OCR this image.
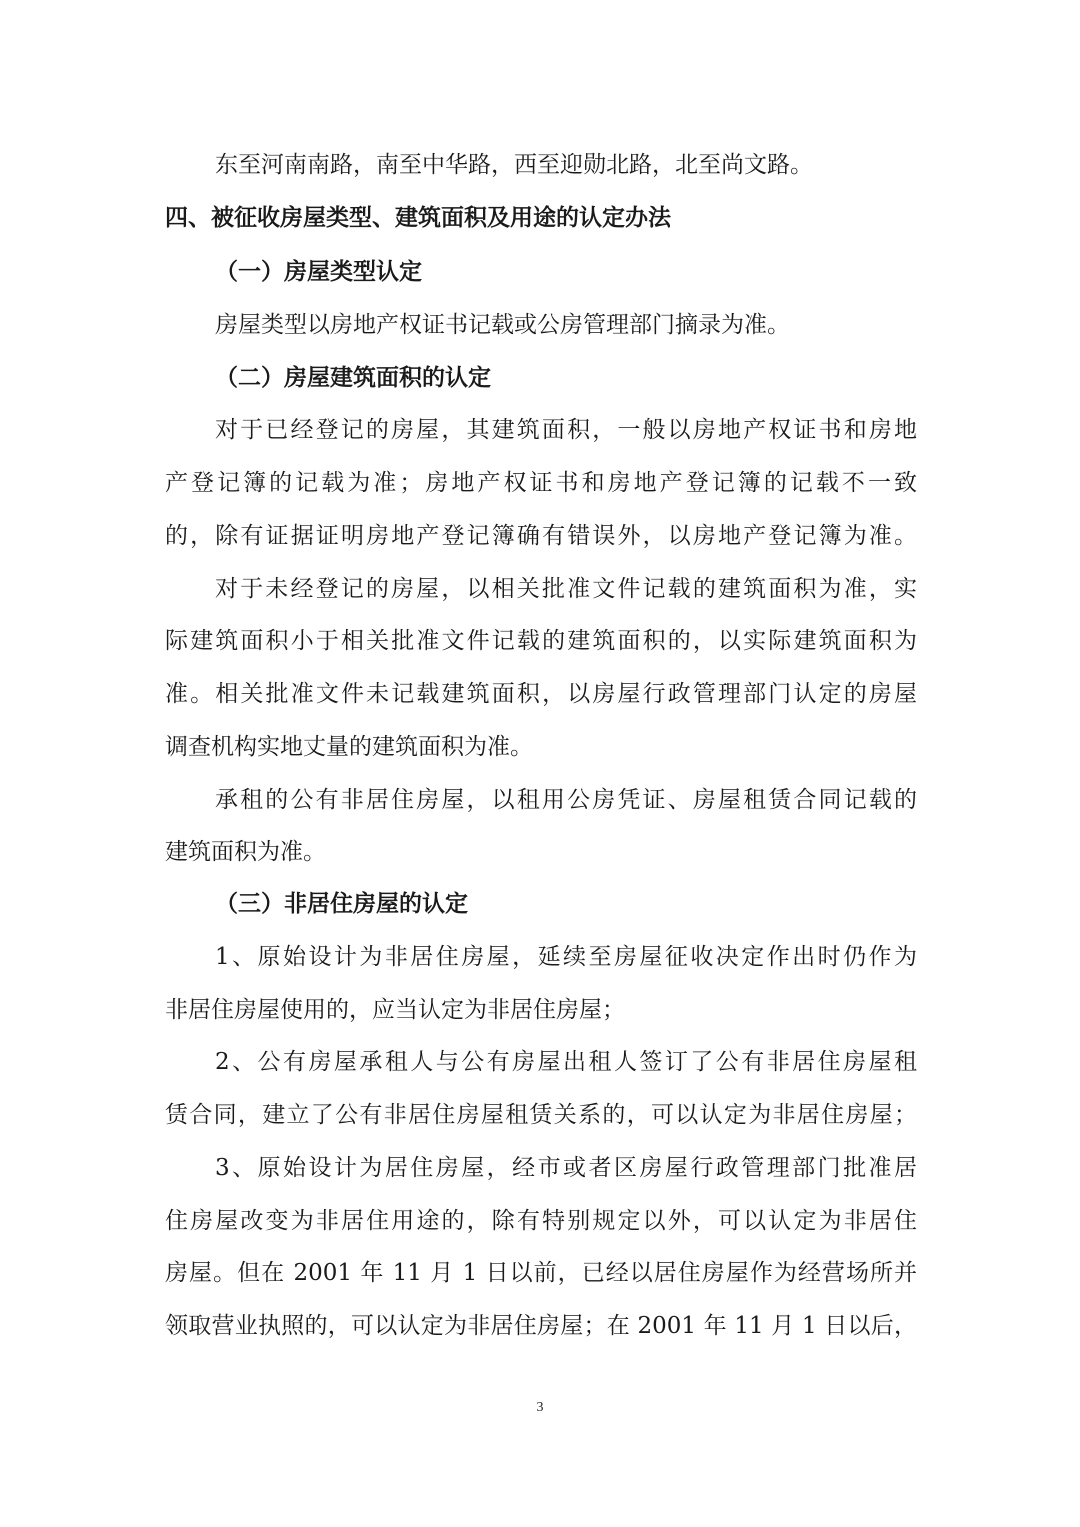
东至河南南路，南至中华路，西至迎勋北路，北至尚文路。
四、被征收房屋类型、建筑面积及用途的认定办法
（一）房屋类型认定
房屋类型以房地产权证书记载或公房管理部门摘录为准。
（二）房屋建筑面积的认定
对于已经登记的房屋，其建筑面积，一般以房地产权证书和房地
产登记簿的记载为准；房地产权证书和房地产登记簿的记载不一致
的，除有证据证明房地产登记簿确有错误外，以房地产登记簿为准。
对于未经登记的房屋，以相关批准文件记载的建筑面积为准，实
际建筑面积小于相关批准文件记载的建筑面积的，以实际建筑面积为
准。相关批准文件未记载建筑面积，以房屋行政管理部门认定的房屋
调查机构实地丈量的建筑面积为准。
承租的公有非居住房屋，以租用公房凭证、房屋租赁合同记载的
建筑面积为准。
（三）非居住房屋的认定
1、原始设计为非居住房屋，延续至房屋征收决定作出时仍作为
非居住房屋使用的，应当认定为非居住房屋；
2、公有房屋承租人与公有房屋出租人签订了公有非居住房屋租
赁合同，建立了公有非居住房屋租赁关系的，可以认定为非居住房屋；
3、原始设计为居住房屋，经市或者区房屋行政管理部门批准居
住房屋改变为非居住用途的，除有特别规定以外，可以认定为非居住
房屋。但在 2001 年 11 月 1 日以前，已经以居住房屋作为经营场所并
领取营业执照的，可以认定为非居住房屋；在 2001 年 11 月 1 日以后，
3
